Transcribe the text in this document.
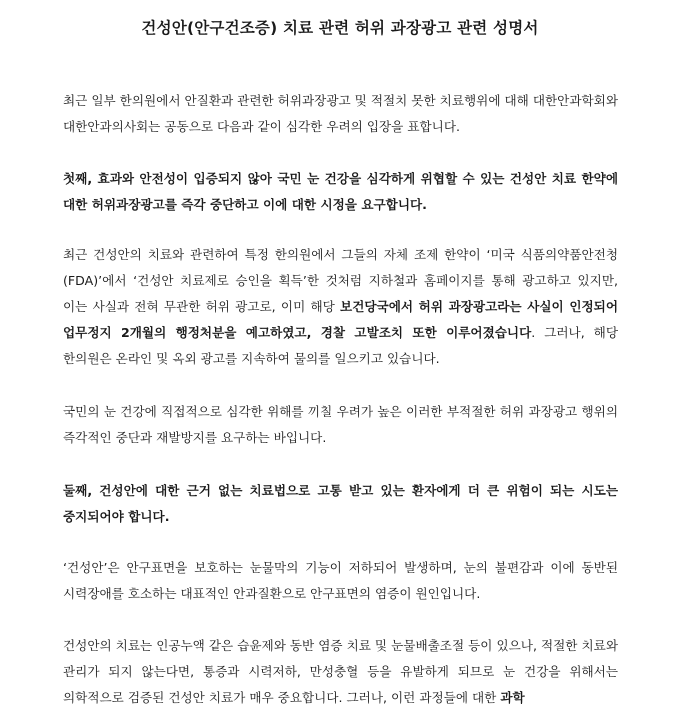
건성안(안구건조증) 치료 관련 허위 과장광고 관련 성명서

최근 일부 한의원에서 안질환과 관련한 허위과장광고 및 적절치 못한 치료행위에 대해 대한안과학회와 대한안과의사회는 공동으로 다음과 같이 심각한 우려의 입장을 표합니다.

첫째, 효과와 안전성이 입증되지 않아 국민 눈 건강을 심각하게 위협할 수 있는 건성안 치료 한약에 대한 허위과장광고를 즉각 중단하고 이에 대한 시정을 요구합니다.

최근 건성안의 치료와 관련하여 특정 한의원에서 그들의 자체 조제 한약이 ‘미국 식품의약품안전청(FDA)’에서 ‘건성안 치료제로 승인을 획득’한 것처럼 지하철과 홈페이지를 통해 광고하고 있지만, 이는 사실과 전혀 무관한 허위 광고로, 이미 해당 보건당국에서 허위 과장광고라는 사실이 인정되어 업무정지 2개월의 행정처분을 예고하였고, 경찰 고발조치 또한 이루어졌습니다. 그러나, 해당 한의원은 온라인 및 옥외 광고를 지속하여 물의를 일으키고 있습니다.

국민의 눈 건강에 직접적으로 심각한 위해를 끼칠 우려가 높은 이러한 부적절한 허위 과장광고 행위의 즉각적인 중단과 재발방지를 요구하는 바입니다.

둘째, 건성안에 대한 근거 없는 치료법으로 고통 받고 있는 환자에게 더 큰 위험이 되는 시도는 중지되어야 합니다.

‘건성안’은 안구표면을 보호하는 눈물막의 기능이 저하되어 발생하며, 눈의 불편감과 이에 동반된 시력장애를 호소하는 대표적인 안과질환으로 안구표면의 염증이 원인입니다.

건성안의 치료는 인공누액 같은 습윤제와 동반 염증 치료 및 눈물배출조절 등이 있으나, 적절한 치료와 관리가 되지 않는다면, 통증과 시력저하, 만성충혈 등을 유발하게 되므로 눈 건강을 위해서는 의학적으로 검증된 건성안 치료가 매우 중요합니다. 그러나, 이런 과정들에 대한 과학
